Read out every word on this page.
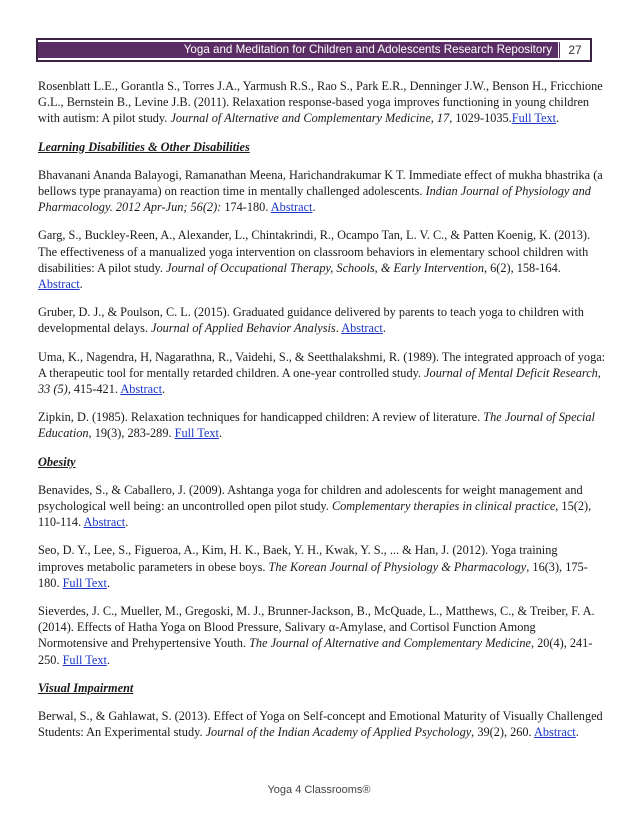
Yoga and Meditation for Children and Adolescents Research Repository	27

Rosenblatt L.E., Gorantla S., Torres J.A., Yarmush R.S., Rao S., Park E.R., Denninger J.W., Benson H., Fricchione G.L., Bernstein B., Levine J.B. (2011). Relaxation response-based yoga improves functioning in young children with autism: A pilot study. Journal of Alternative and Complementary Medicine, 17, 1029-1035.Full Text.

Learning Disabilities & Other Disabilities

Bhavanani Ananda Balayogi, Ramanathan Meena, Harichandrakumar K T. Immediate effect of mukha bhastrika (a bellows type pranayama) on reaction time in mentally challenged adolescents. Indian Journal of Physiology and Pharmacology. 2012 Apr-Jun; 56(2): 174-180. Abstract.

Garg, S., Buckley-Reen, A., Alexander, L., Chintakrindi, R., Ocampo Tan, L. V. C., & Patten Koenig, K. (2013). The effectiveness of a manualized yoga intervention on classroom behaviors in elementary school children with disabilities: A pilot study. Journal of Occupational Therapy, Schools, & Early Intervention, 6(2), 158-164. Abstract.

Gruber, D. J., & Poulson, C. L. (2015). Graduated guidance delivered by parents to teach yoga to children with developmental delays. Journal of Applied Behavior Analysis. Abstract.

Uma, K., Nagendra, H, Nagarathna, R., Vaidehi, S., & Seetthalakshmi, R. (1989). The integrated approach of yoga: A therapeutic tool for mentally retarded children. A one-year controlled study. Journal of Mental Deficit Research, 33 (5), 415-421. Abstract.

Zipkin, D. (1985). Relaxation techniques for handicapped children: A review of literature. The Journal of Special Education, 19(3), 283-289. Full Text.

Obesity

Benavides, S., & Caballero, J. (2009). Ashtanga yoga for children and adolescents for weight management and psychological well being: an uncontrolled open pilot study. Complementary therapies in clinical practice, 15(2), 110-114. Abstract.

Seo, D. Y., Lee, S., Figueroa, A., Kim, H. K., Baek, Y. H., Kwak, Y. S., ... & Han, J. (2012). Yoga training improves metabolic parameters in obese boys. The Korean Journal of Physiology & Pharmacology, 16(3), 175-180. Full Text.

Sieverdes, J. C., Mueller, M., Gregoski, M. J., Brunner-Jackson, B., McQuade, L., Matthews, C., & Treiber, F. A. (2014). Effects of Hatha Yoga on Blood Pressure, Salivary α-Amylase, and Cortisol Function Among Normotensive and Prehypertensive Youth. The Journal of Alternative and Complementary Medicine, 20(4), 241-250. Full Text.

Visual Impairment

Berwal, S., & Gahlawat, S. (2013). Effect of Yoga on Self-concept and Emotional Maturity of Visually Challenged Students: An Experimental study. Journal of the Indian Academy of Applied Psychology, 39(2), 260. Abstract.

Yoga 4 Classrooms®
